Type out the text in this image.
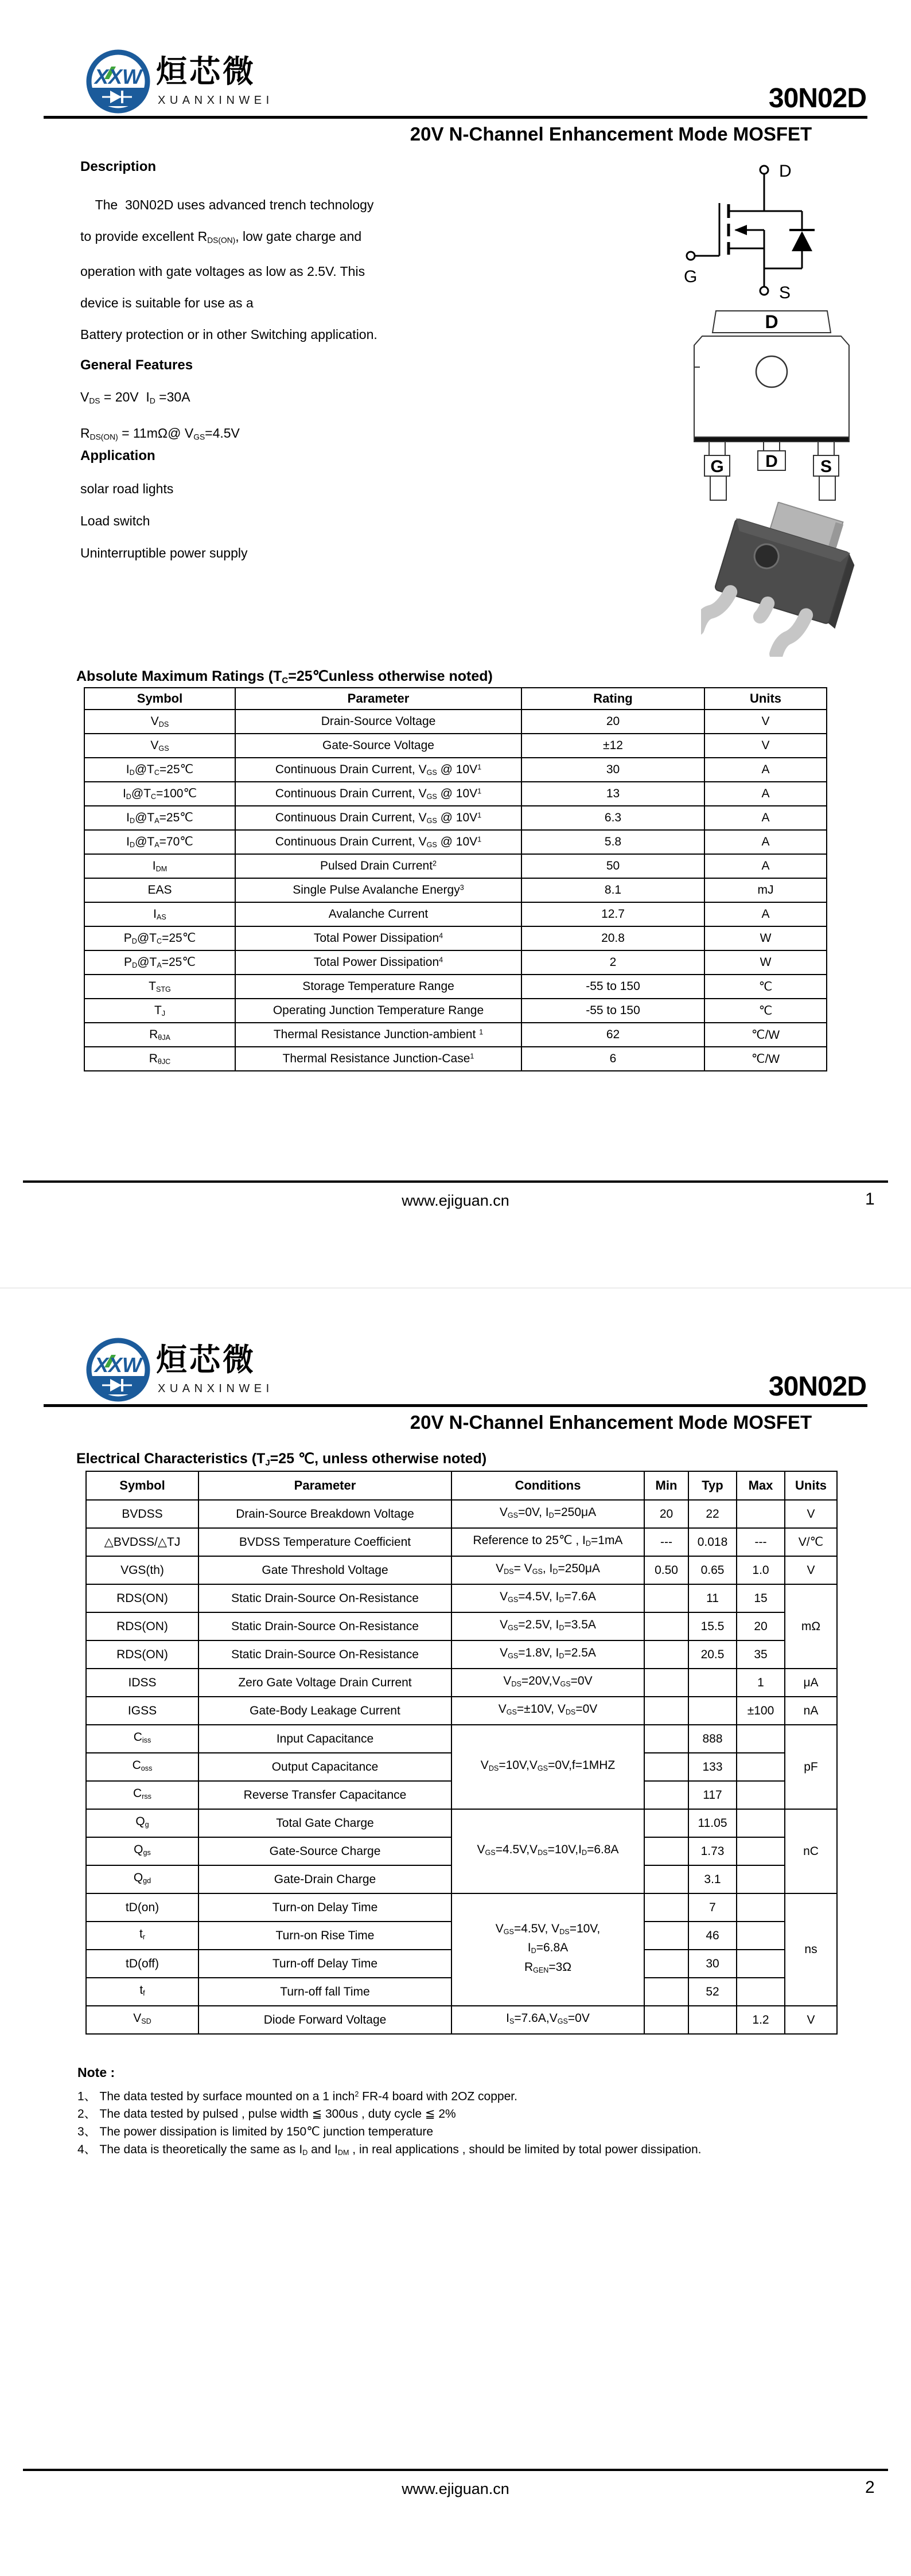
XXW 烜芯微
XUANXINWEI	30N02D
20V N-Channel Enhancement Mode MOSFET
Description
The  30N02D uses advanced trench technology
to provide excellent $R_{DS(ON)}$, low gate charge and
operation with gate voltages as low as 2.5V. This
device is suitable for use as a
Battery protection or in other Switching application.
General Features
$V_{DS} = 20V$  $I_D =30A$
$R_{DS(ON)}$ = 11mΩ@ $V_{GS}=4.5V$
Application
solar road lights
Load switch
Uninterruptible power supply
D
G
S
D
G D S
Absolute Maximum Ratings ($T_C=25℃unless$ otherwise noted)
Symbol	Parameter	Rating	Units
$V_{DS}$	Drain-Source Voltage	20	V
$V_{GS}$	Gate-Source Voltage	±12	V
$I_D@T_C=25℃$	Continuous Drain Current, $V_{GS}$ @ $10V^1$	30	A
$I_D@T_C=100℃$	Continuous Drain Current, $V_{GS}$ @ $10V^1$	13	A
$I_D@T_A=25℃$	Continuous Drain Current, $V_{GS}$ @ $10V^1$	6.3	A
$I_D@T_A=70℃$	Continuous Drain Current, $V_{GS}$ @ $10V^1$	5.8	A
$I_{DM}$	Pulsed Drain Current$^2$	50	A
EAS	Single Pulse Avalanche Energy$^3$	8.1	mJ
$I_{AS}$	Avalanche Current	12.7	A
$P_D@T_C=25℃$	Total Power Dissipation$^4$	20.8	W
$P_D@T_A=25℃$	Total Power Dissipation$^4$	2	W
$T_{STG}$	Storage Temperature Range	-55 to 150	℃
$T_J$	Operating Junction Temperature Range	-55 to 150	℃
$R_{\theta JA}$	Thermal Resistance Junction-ambient $^1$	62	℃/W
$R_{\theta JC}$	Thermal Resistance Junction-Case$^1$	6	℃/W
www.ejiguan.cn	1
XXW 烜芯微
XUANXINWEI	30N02D
20V N-Channel Enhancement Mode MOSFET
Electrical Characteristics ($T_J=25$ ℃, unless otherwise noted)
Symbol	Parameter	Conditions	Min	Typ	Max	Units
BVDSS	Drain-Source Breakdown Voltage	$V_{GS}=0V$, $I_D=250\mu A$	20	22		V
△BVDSS/△TJ	BVDSS Temperature Coefficient	Reference to 25℃ , $I_D=1mA$	---	0.018	---	V/℃
VGS(th)	Gate Threshold Voltage	$V_{DS}= V_{GS}$, $I_D=250\mu A$	0.50	0.65	1.0	V
RDS(ON)	Static Drain-Source On-Resistance	$V_{GS}=4.5V$, $I_D=7.6A$		11	15	mΩ
RDS(ON)	Static Drain-Source On-Resistance	$V_{GS}=2.5V$, $I_D=3.5A$		15.5	20	
RDS(ON)	Static Drain-Source On-Resistance	$V_{GS}=1.8V$, $I_D=2.5A$		20.5	35	
IDSS	Zero Gate Voltage Drain Current	$V_{DS}=20V,V_{GS}=0V$			1	μA
IGSS	Gate-Body Leakage Current	$V_{GS}=\pm 10V$, $V_{DS}=0V$			±100	nA
$C_{iss}$	Input Capacitance	$V_{DS}=10V,V_{GS}=0V,f=1MHZ$		888		pF
$C_{oss}$	Output Capacitance			133		
$C_{rss}$	Reverse Transfer Capacitance			117		
$Q_g$	Total Gate Charge	$V_{GS}=4.5V,V_{DS}=10V,I_D=6.8A$		11.05		nC
$Q_{gs}$	Gate-Source Charge			1.73		
$Q_{gd}$	Gate-Drain Charge			3.1		
tD(on)	Turn-on Delay Time	$V_{GS}=4.5V$, $V_{DS}=10V$,
$I_D=6.8A$
$R_{GEN}=3\Omega$		7		ns
$t_r$	Turn-on Rise Time			46		
tD(off)	Turn-off Delay Time			30		
$t_f$	Turn-off fall Time			52		
$V_{SD}$	Diode Forward Voltage	$I_S=7.6A,V_{GS}=0V$			1.2	V
Note :
1、 The data tested by surface mounted on a 1 inch$^2$ FR-4 board with 2OZ copper.
2、 The data tested by pulsed , pulse width ≦ 300us , duty cycle ≦ 2%
3、 The power dissipation is limited by 150℃ junction temperature
4、 The data is theoretically the same as $I_D$ and $I_{DM}$ , in real applications , should be limited by total power dissipation.
www.ejiguan.cn	2
